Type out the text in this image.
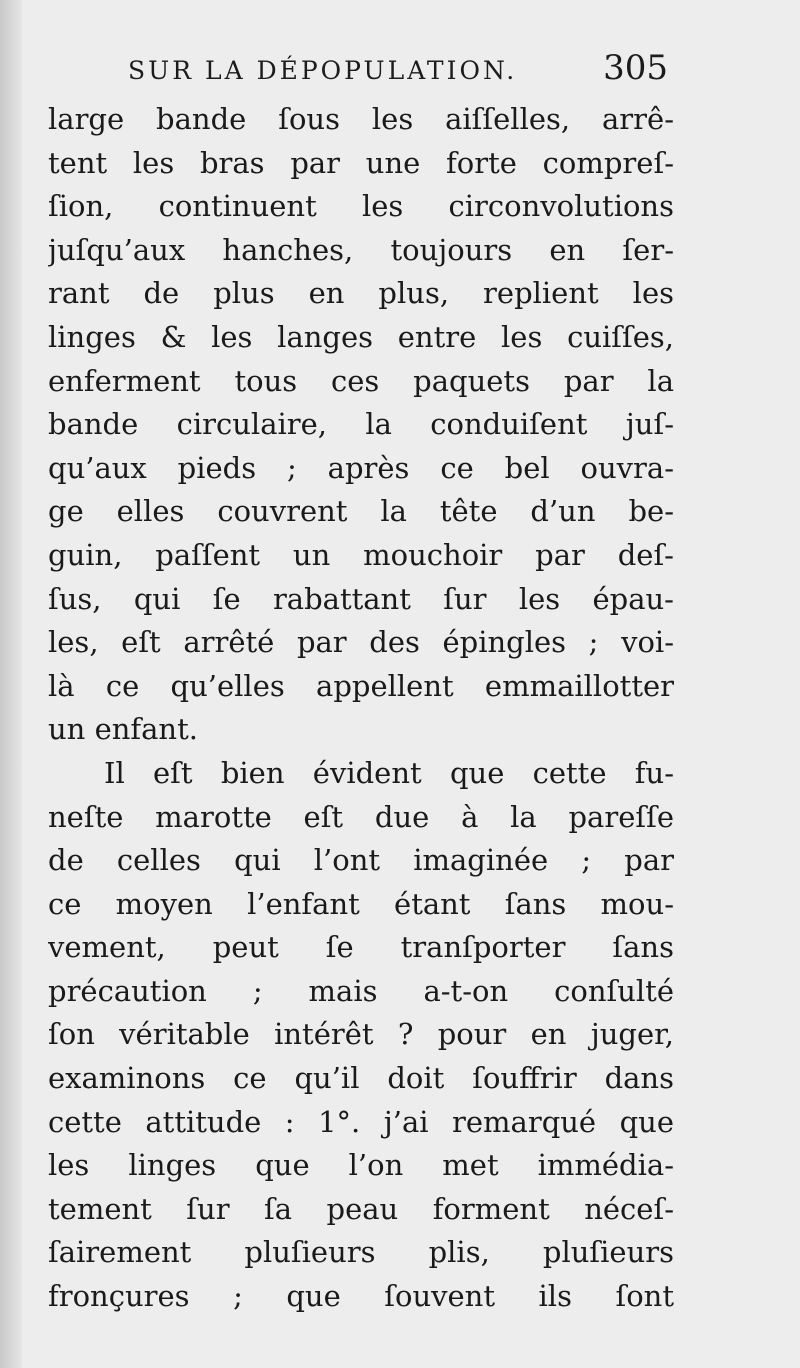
SUR LA DÉPOPULATION.	305
large bande ſous les aiſſelles, arrê-
tent les bras par une forte compreſ-
ſion, continuent les circonvolutions
juſqu’aux hanches, toujours en ſer-
rant de plus en plus, replient les
linges & les langes entre les cuiſſes,
enferment tous ces paquets par la
bande circulaire, la conduiſent juſ-
qu’aux pieds ; après ce bel ouvra-
ge elles couvrent la tête d’un be-
guin, paſſent un mouchoir par deſ-
ſus, qui ſe rabattant ſur les épau-
les, eſt arrêté par des épingles ; voi-
là ce qu’elles appellent emmaillotter
un enfant.
Il eſt bien évident que cette fu-
neſte marotte eſt due à la pareſſe
de celles qui l’ont imaginée ; par
ce moyen l’enfant étant ſans mou-
vement, peut ſe tranſporter ſans
précaution ; mais a-t-on conſulté
ſon véritable intérêt ? pour en juger,
examinons ce qu’il doit ſouffrir dans
cette attitude : 1°. j’ai remarqué que
les linges que l’on met immédia-
tement ſur ſa peau forment néceſ-
ſairement pluſieurs plis, pluſieurs
fronçures ; que ſouvent ils ſont
